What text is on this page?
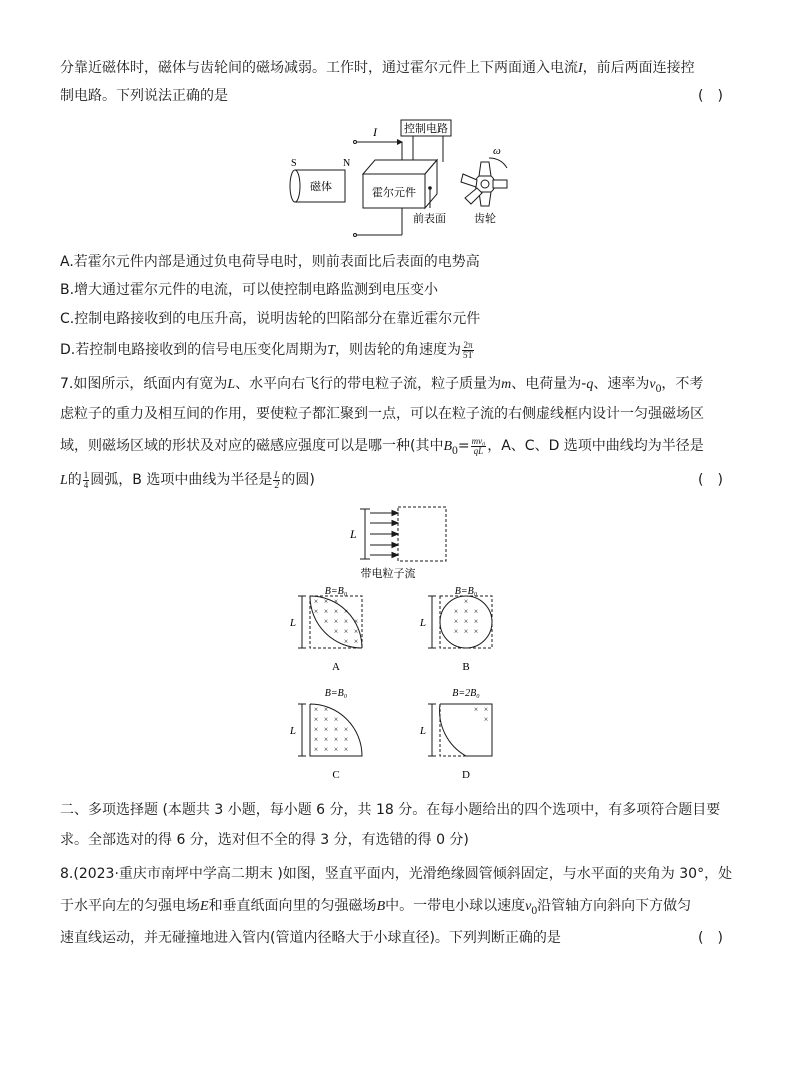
分靠近磁体时，磁体与齿轮间的磁场减弱。工作时，通过霍尔元件上下两面通入电流I，前后两面连接控
制电路。下列说法正确的是	(　)
控制电路
S	N
磁体	霍尔元件
前表面
ω
齿轮
I
A.若霍尔元件内部是通过负电荷导电时，则前表面比后表面的电势高
B.增大通过霍尔元件的电流，可以使控制电路监测到电压变小
C.控制电路接收到的电压升高，说明齿轮的凹陷部分在靠近霍尔元件
D.若控制电路接收到的信号电压变化周期为T，则齿轮的角速度为 $\frac{2\pi}{5T}$
7.如图所示，纸面内有宽为L、水平向右飞行的带电粒子流，粒子质量为m、电荷量为-q、速率为$v_0$，不考
虑粒子的重力及相互间的作用，要使粒子都汇聚到一点，可以在粒子流的右侧虚线框内设计一匀强磁场区
域，则磁场区域的形状及对应的磁感应强度可以是哪一种(其中$B_0= \frac{\text{mv₀}}{qL}$ ，A、C、D 选项中曲线均为半径是
L的 $\frac{1}{4}$ 圆弧，B 选项中曲线为半径是 $\frac{L}{2}$ 的圆)	(　)
L
带电粒子流
B=B₀
L
× × ×
× × × ×
× × × ×
× × ×
× ×
A
B=B₀
L
×
× × ×
× × ×
× × ×
B
B=B₀
L
× ×
× × ×
× × × ×
× × × ×
× × × ×
C
B=2B₀
L
× ×
×
D
二、多项选择题 (本题共 3 小题，每小题 6 分，共 18 分。在每小题给出的四个选项中，有多项符合题目要
求。全部选对的得 6 分，选对但不全的得 3 分，有选错的得 0 分)
8.(2023·重庆市南坪中学高二期末 )如图，竖直平面内，光滑绝缘圆管倾斜固定，与水平面的夹角为 30°，处
于水平向左的匀强电场E和垂直纸面向里的匀强磁场B中。一带电小球以速度$v_0$沿管轴方向斜向下方做匀
速直线运动，并无碰撞地进入管内(管道内径略大于小球直径)。下列判断正确的是	(　)
